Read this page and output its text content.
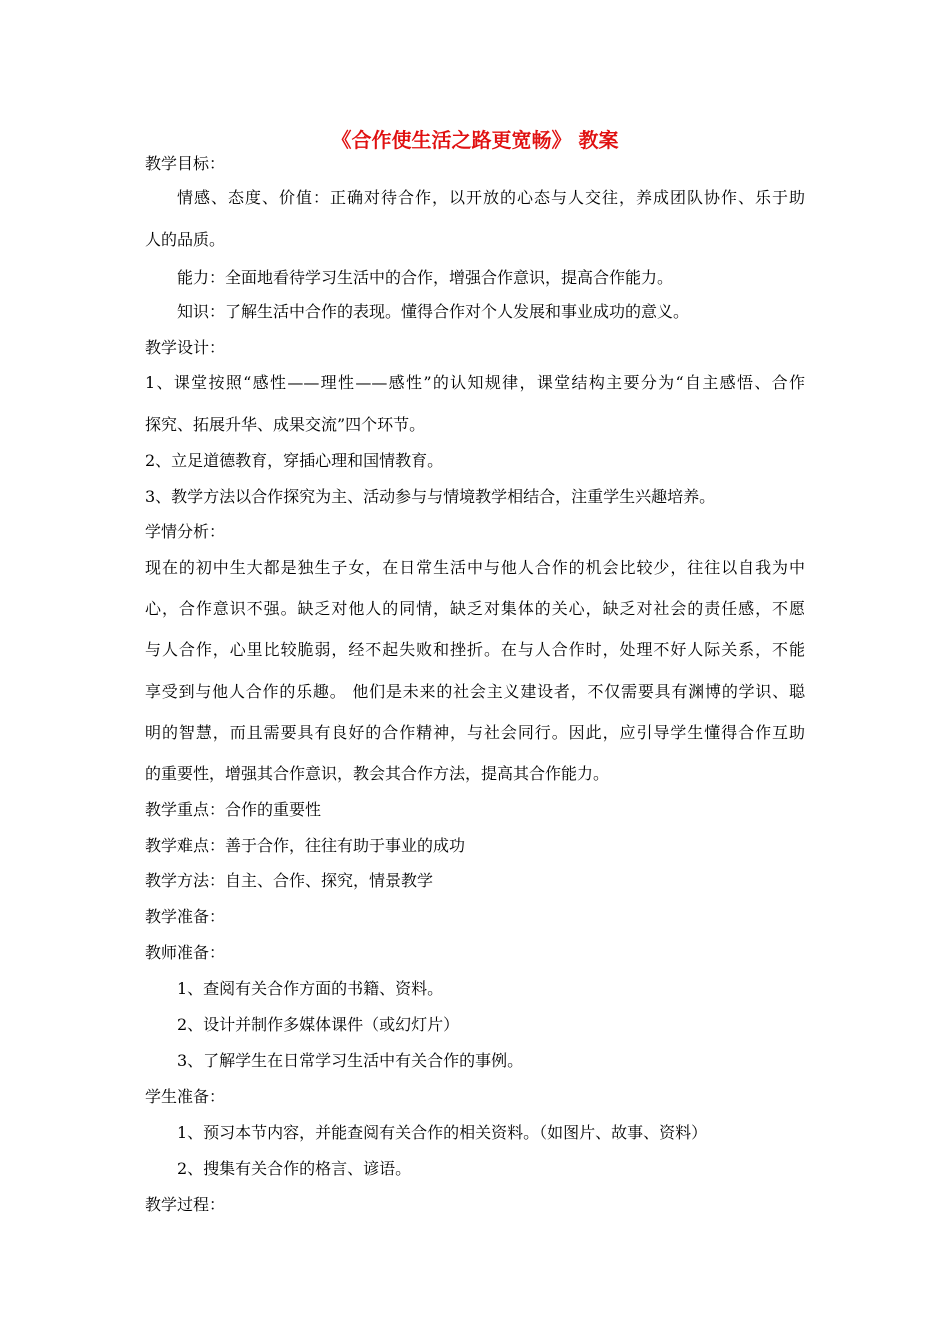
《合作使生活之路更宽畅》 教案
教学目标：
情感、态度、价值：正确对待合作，以开放的心态与人交往，养成团队协作、乐于助
人的品质。
能力：全面地看待学习生活中的合作，增强合作意识，提高合作能力。
知识：了解生活中合作的表现。懂得合作对个人发展和事业成功的意义。
教学设计：
1、课堂按照“感性——理性——感性”的认知规律，课堂结构主要分为“自主感悟、合作
探究、拓展升华、成果交流”四个环节。
2、立足道德教育，穿插心理和国情教育。
3、教学方法以合作探究为主、活动参与与情境教学相结合，注重学生兴趣培养。
学情分析：
现在的初中生大都是独生子女，在日常生活中与他人合作的机会比较少，往往以自我为中
心，合作意识不强。缺乏对他人的同情，缺乏对集体的关心，缺乏对社会的责任感，不愿
与人合作，心里比较脆弱，经不起失败和挫折。在与人合作时，处理不好人际关系，不能
享受到与他人合作的乐趣。 他们是未来的社会主义建设者，不仅需要具有渊博的学识、聪
明的智慧，而且需要具有良好的合作精神，与社会同行。因此，应引导学生懂得合作互助
的重要性，增强其合作意识，教会其合作方法，提高其合作能力。
教学重点：合作的重要性
教学难点：善于合作，往往有助于事业的成功
教学方法：自主、合作、探究，情景教学
教学准备：
教师准备：
1、查阅有关合作方面的书籍、资料。
2、设计并制作多媒体课件（或幻灯片）
3、了解学生在日常学习生活中有关合作的事例。
学生准备：
1、预习本节内容，并能查阅有关合作的相关资料。（如图片、故事、资料）
2、搜集有关合作的格言、谚语。
教学过程：
